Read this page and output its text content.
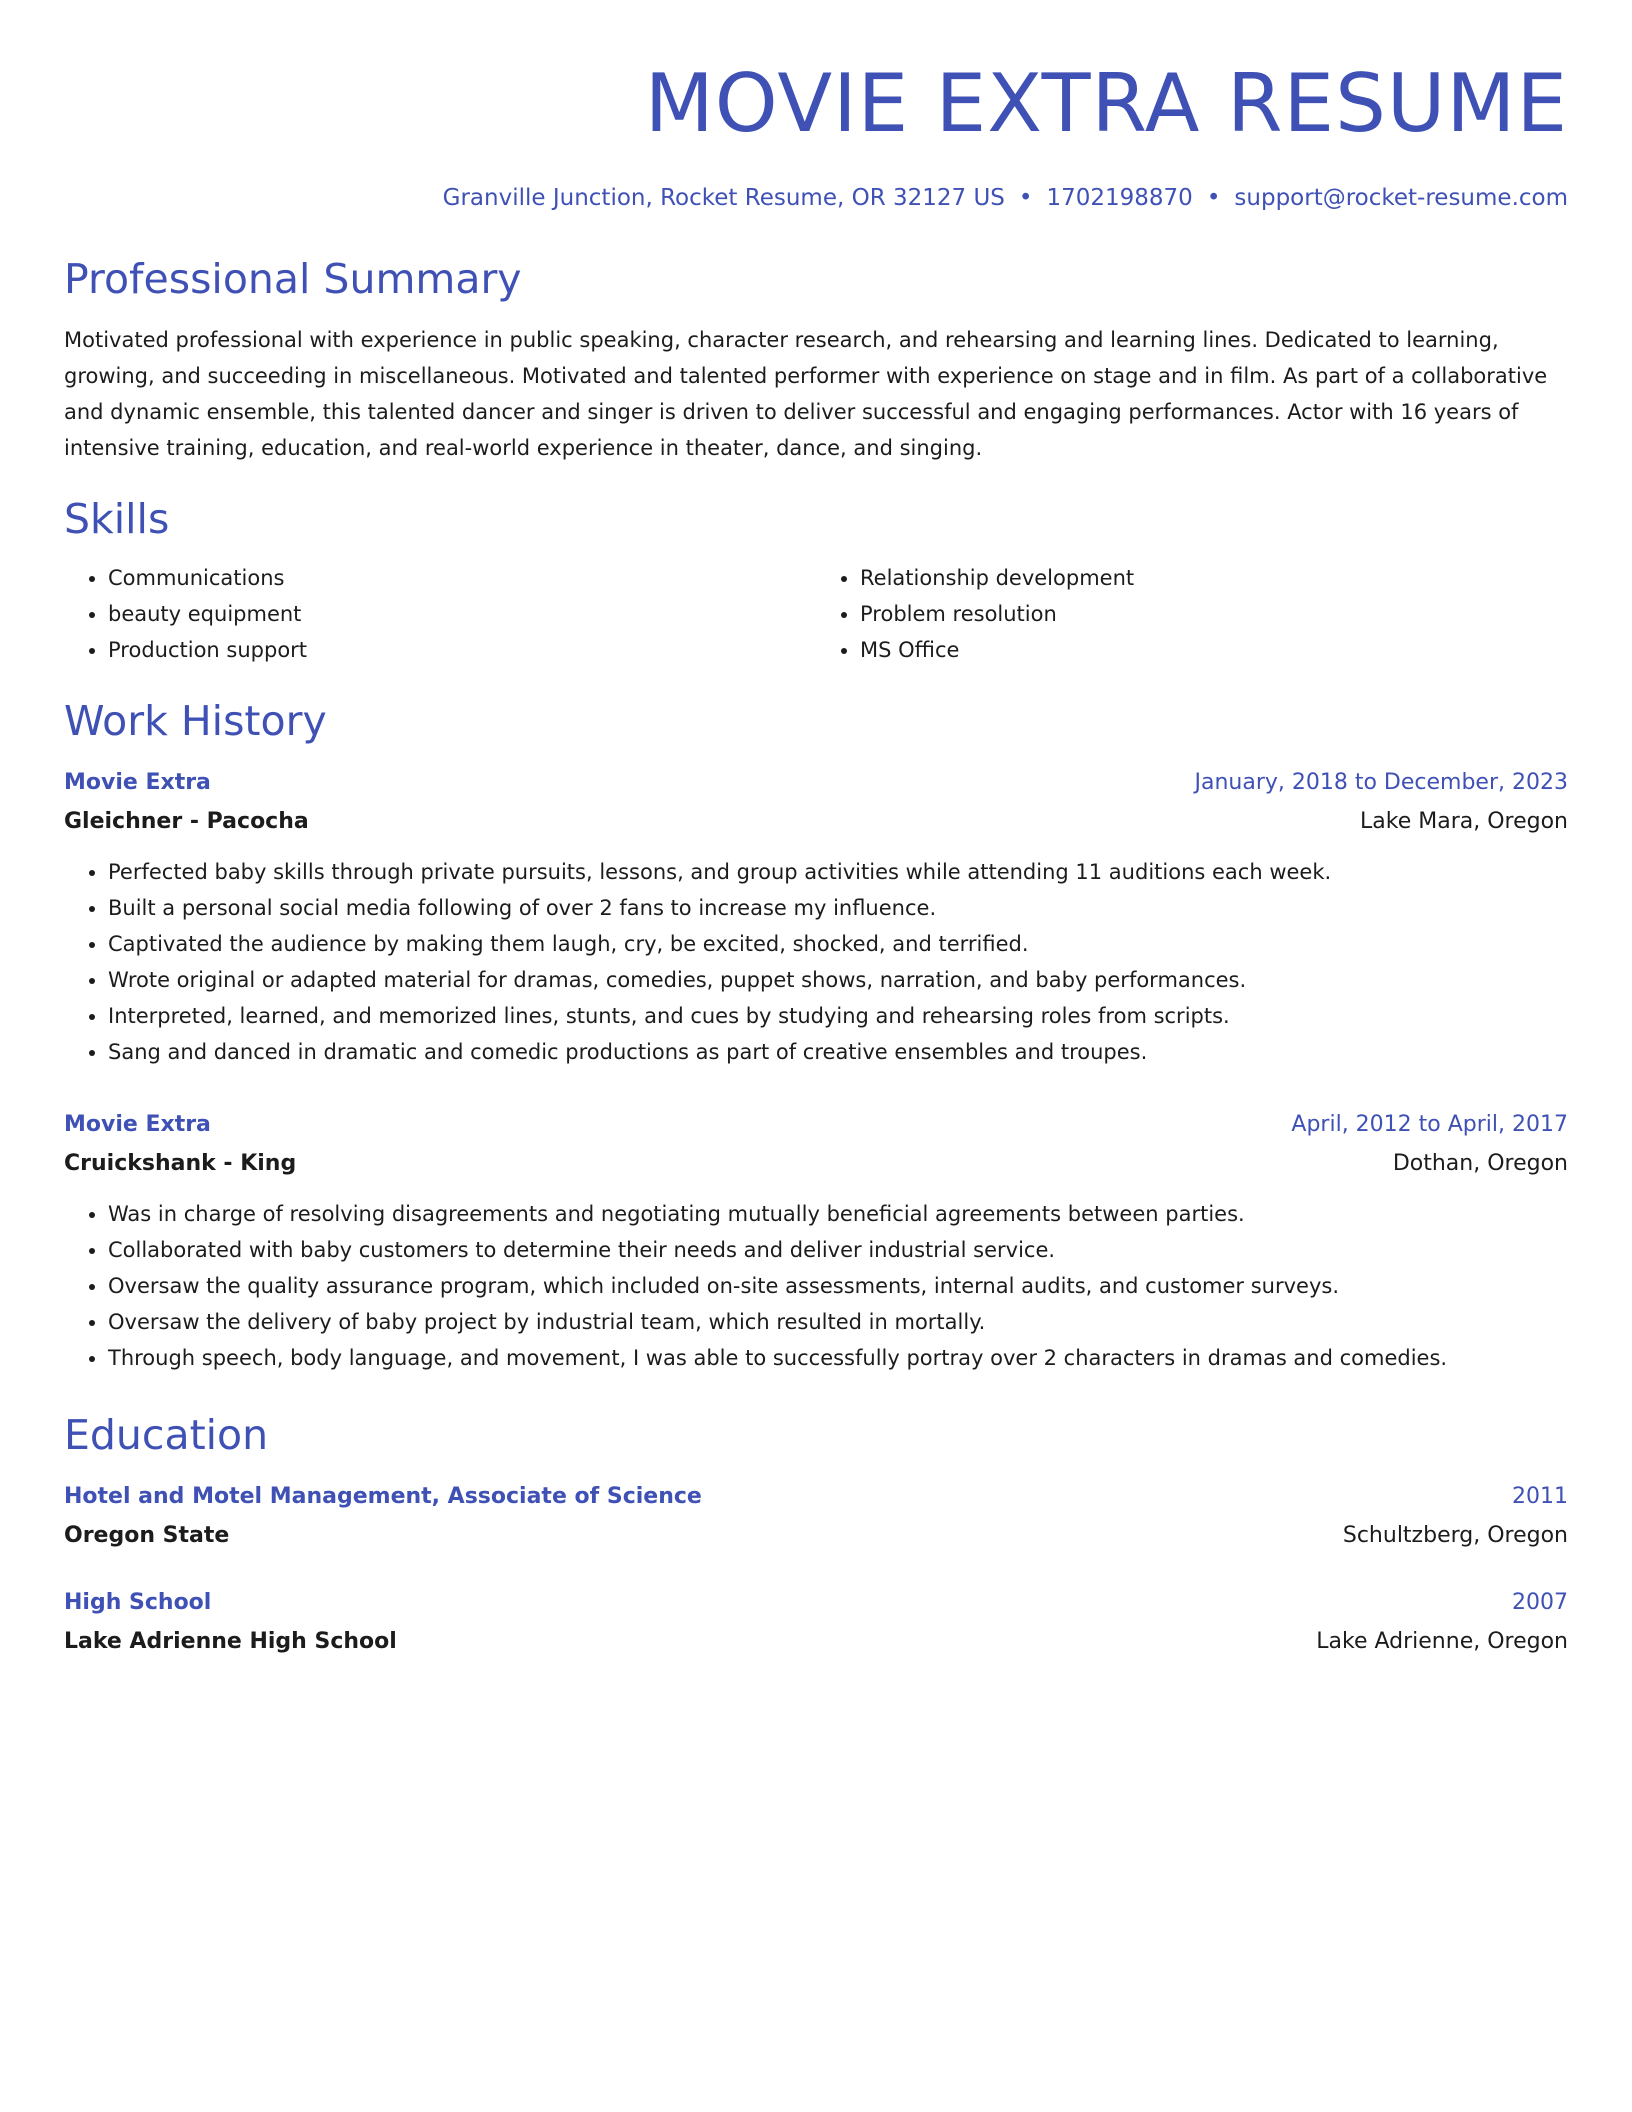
MOVIE EXTRA RESUME
Granville Junction, Rocket Resume, OR 32127 US • 1702198870 • support@rocket-resume.com
Professional Summary
Motivated professional with experience in public speaking, character research, and rehearsing and learning lines. Dedicated to learning, growing, and succeeding in miscellaneous. Motivated and talented performer with experience on stage and in film. As part of a collaborative and dynamic ensemble, this talented dancer and singer is driven to deliver successful and engaging performances. Actor with 16 years of intensive training, education, and real-world experience in theater, dance, and singing.
Skills
• Communications
• beauty equipment
• Production support
• Relationship development
• Problem resolution
• MS Office
Work History
Movie Extra	January, 2018 to December, 2023
Gleichner - Pacocha	Lake Mara, Oregon
• Perfected baby skills through private pursuits, lessons, and group activities while attending 11 auditions each week.
• Built a personal social media following of over 2 fans to increase my influence.
• Captivated the audience by making them laugh, cry, be excited, shocked, and terrified.
• Wrote original or adapted material for dramas, comedies, puppet shows, narration, and baby performances.
• Interpreted, learned, and memorized lines, stunts, and cues by studying and rehearsing roles from scripts.
• Sang and danced in dramatic and comedic productions as part of creative ensembles and troupes.
Movie Extra	April, 2012 to April, 2017
Cruickshank - King	Dothan, Oregon
• Was in charge of resolving disagreements and negotiating mutually beneficial agreements between parties.
• Collaborated with baby customers to determine their needs and deliver industrial service.
• Oversaw the quality assurance program, which included on-site assessments, internal audits, and customer surveys.
• Oversaw the delivery of baby project by industrial team, which resulted in mortally.
• Through speech, body language, and movement, I was able to successfully portray over 2 characters in dramas and comedies.
Education
Hotel and Motel Management, Associate of Science	2011
Oregon State	Schultzberg, Oregon
High School	2007
Lake Adrienne High School	Lake Adrienne, Oregon
